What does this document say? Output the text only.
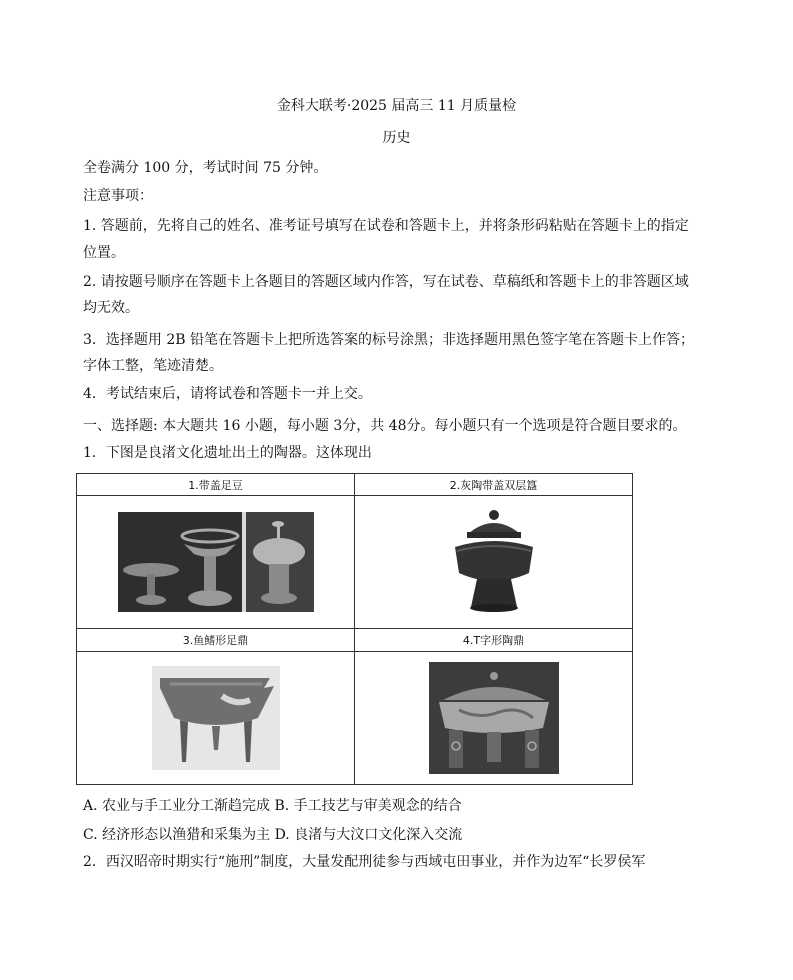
金科大联考·2025 届高三 11 月质量检
历史
全卷满分 100 分，考试时间 75 分钟。
注意事项：
1. 答题前，先将自己的姓名、准考证号填写在试卷和答题卡上，并将条形码粘贴在答题卡上的指定
位置。
2. 请按题号顺序在答题卡上各题目的答题区域内作答，写在试卷、草稿纸和答题卡上的非答题区域
均无效。
3．选择题用 2B 铅笔在答题卡上把所选答案的标号涂黑；非选择题用黑色签字笔在答题卡上作答；
字体工整，笔迹清楚。
4．考试结束后，请将试卷和答题卡一并上交。
一、选择题: 本大题共 16 小题，每小题 3分，共 48分。每小题只有一个选项是符合题目要求的。
1．下图是良渚文化遗址出土的陶器。这体现出
1.带盖足豆	2.灰陶带盖双层簋

3.鱼鳍形足鼎	4.T字形陶鼎

A. 农业与手工业分工渐趋完成 B. 手工技艺与审美观念的结合
C. 经济形态以渔猎和采集为主 D. 良渚与大汶口文化深入交流
2．西汉昭帝时期实行“施刑”制度，大量发配刑徒参与西域屯田事业，并作为边军“长罗侯军
